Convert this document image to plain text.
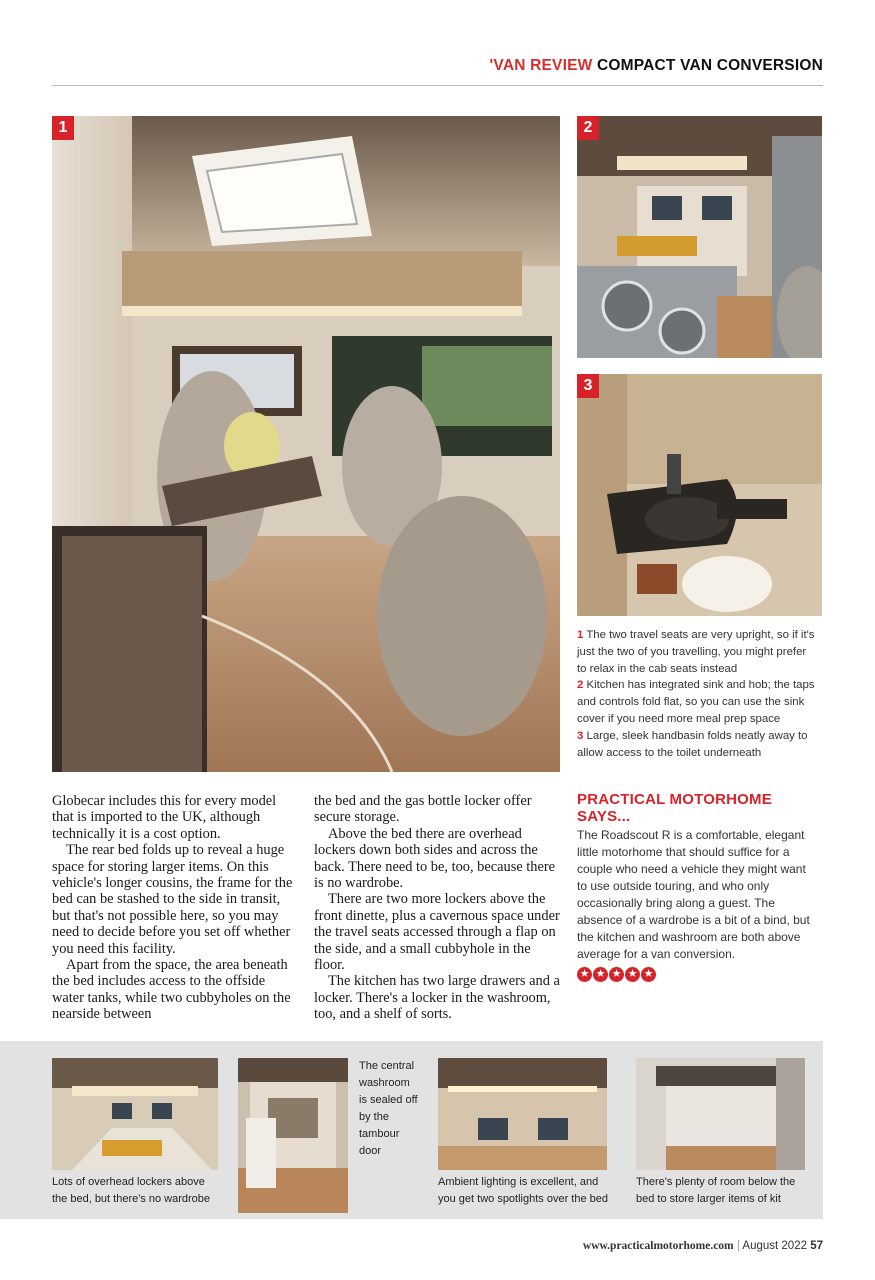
'VAN REVIEW COMPACT VAN CONVERSION
1	2
3
1 The two travel seats are very upright, so if it's just the two of you travelling, you might prefer to relax in the cab seats instead
2 Kitchen has integrated sink and hob; the taps and controls fold flat, so you can use the sink cover if you need more meal prep space
3 Large, sleek handbasin folds neatly away to allow access to the toilet underneath

Globecar includes this for every model that is imported to the UK, although technically it is a cost option.

The rear bed folds up to reveal a huge space for storing larger items. On this vehicle's longer cousins, the frame for the bed can be stashed to the side in transit, but that's not possible here, so you may need to decide before you set off whether you need this facility.

Apart from the space, the area beneath the bed includes access to the offside water tanks, while two cubbyholes on the nearside between

the bed and the gas bottle locker offer secure storage.

Above the bed there are overhead lockers down both sides and across the back. There need to be, too, because there is no wardrobe.

There are two more lockers above the front dinette, plus a cavernous space under the travel seats accessed through a flap on the side, and a small cubbyhole in the floor.

The kitchen has two large drawers and a locker. There's a locker in the washroom, too, and a shelf of sorts.

PRACTICAL MOTORHOME SAYS...
The Roadscout R is a comfortable, elegant little motorhome that should suffice for a couple who need a vehicle they might want to use outside touring, and who only occasionally bring along a guest. The absence of a wardrobe is a bit of a bind, but the kitchen and washroom are both above average for a van conversion.
★ ★ ★ ★ ★
Lots of overhead lockers above the bed, but there's no wardrobe
The central washroom is sealed off by the tambour door
Ambient lighting is excellent, and you get two spotlights over the bed
There's plenty of room below the bed to store larger items of kit
www.practicalmotorhome.com | August 2022 57
